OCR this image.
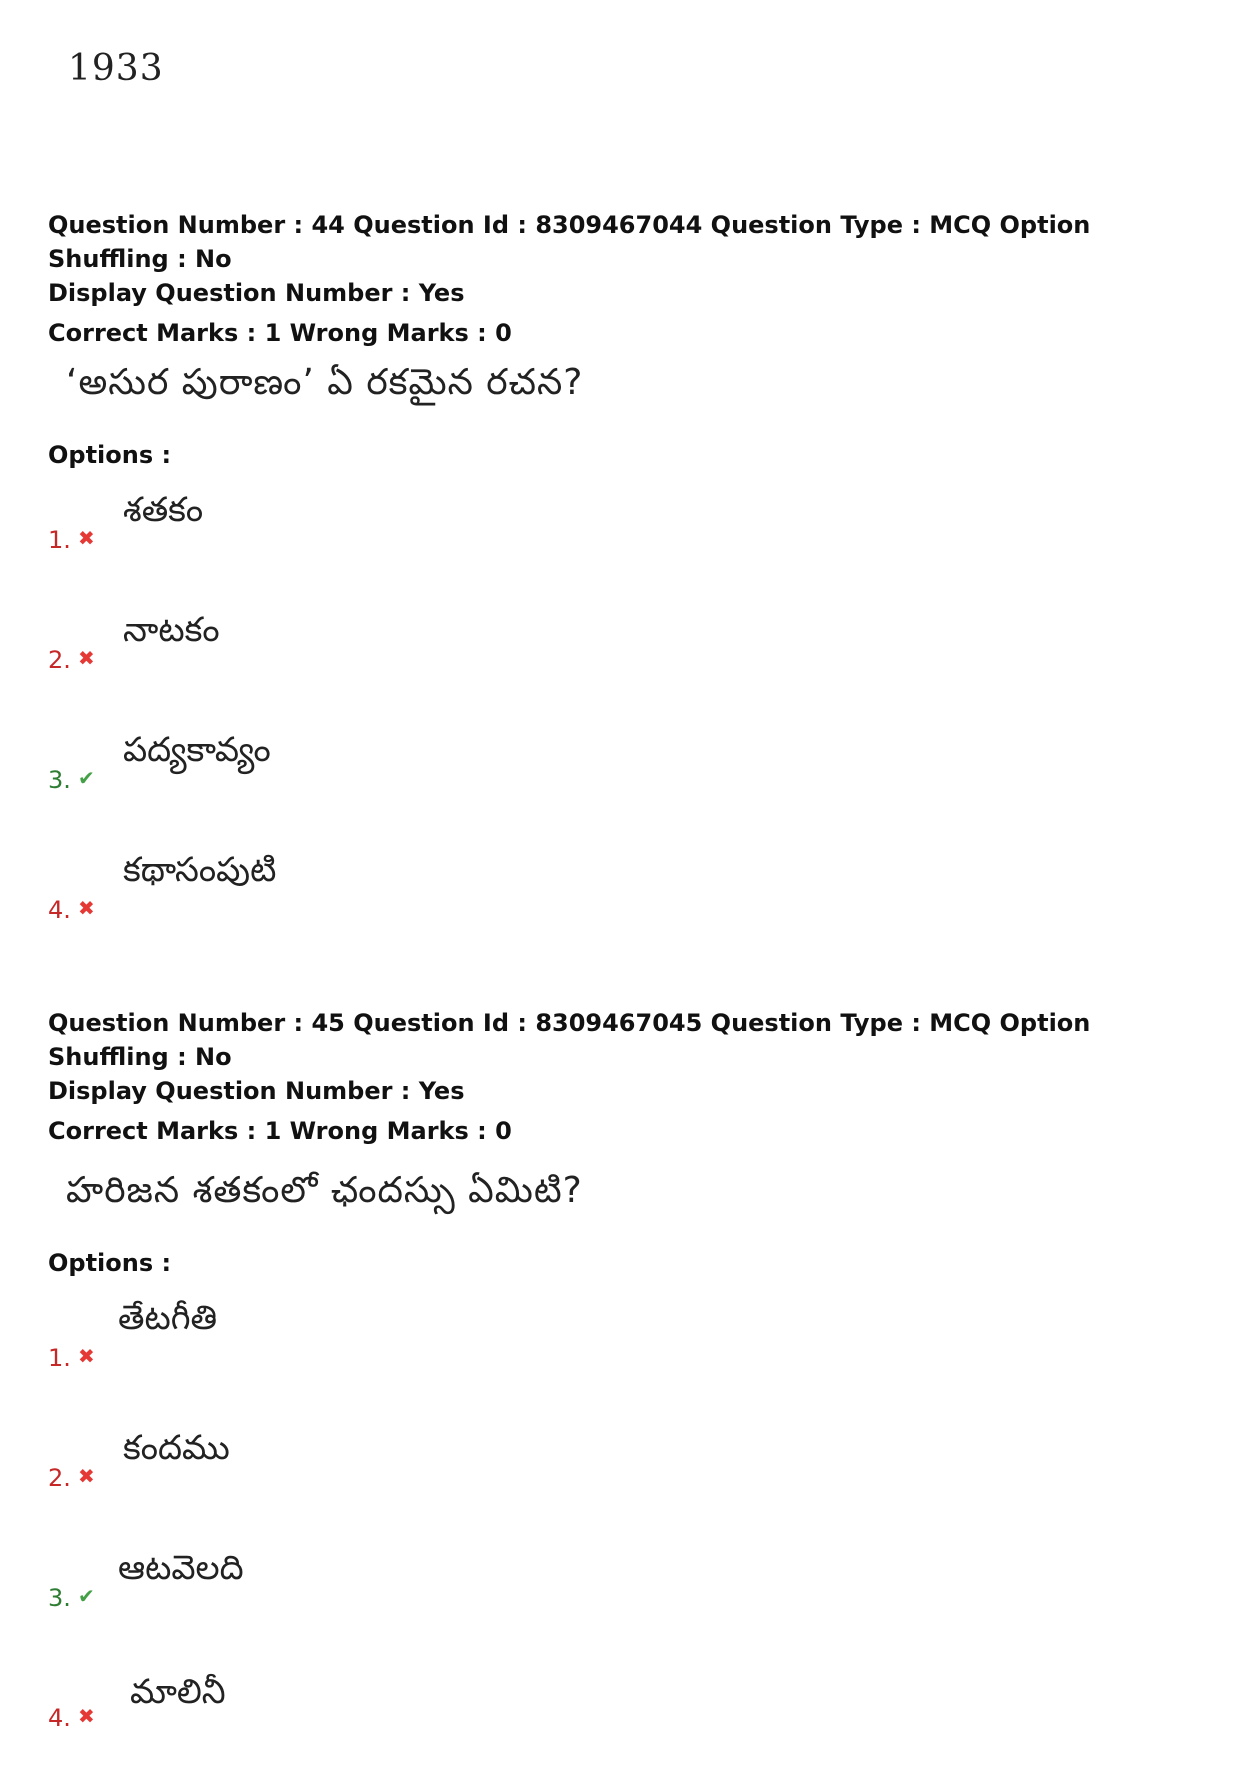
1933
Question Number : 44 Question Id : 8309467044 Question Type : MCQ Option Shuffling : No
Display Question Number : Yes
Correct Marks : 1 Wrong Marks : 0
‘అసుర పురాణం’ ఏ రకమైన రచన?
Options :
శతకం
1. ✖
నాటకం
2. ✖
పద్యకావ్యం
3. ✔
కథాసంపుటి
4. ✖
Question Number : 45 Question Id : 8309467045 Question Type : MCQ Option Shuffling : No
Display Question Number : Yes
Correct Marks : 1 Wrong Marks : 0
హరిజన శతకంలో ఛందస్సు ఏమిటి?
Options :
తేటగీతి
1. ✖
కందము
2. ✖
ఆటవెలది
3. ✔
మాలినీ
4. ✖
